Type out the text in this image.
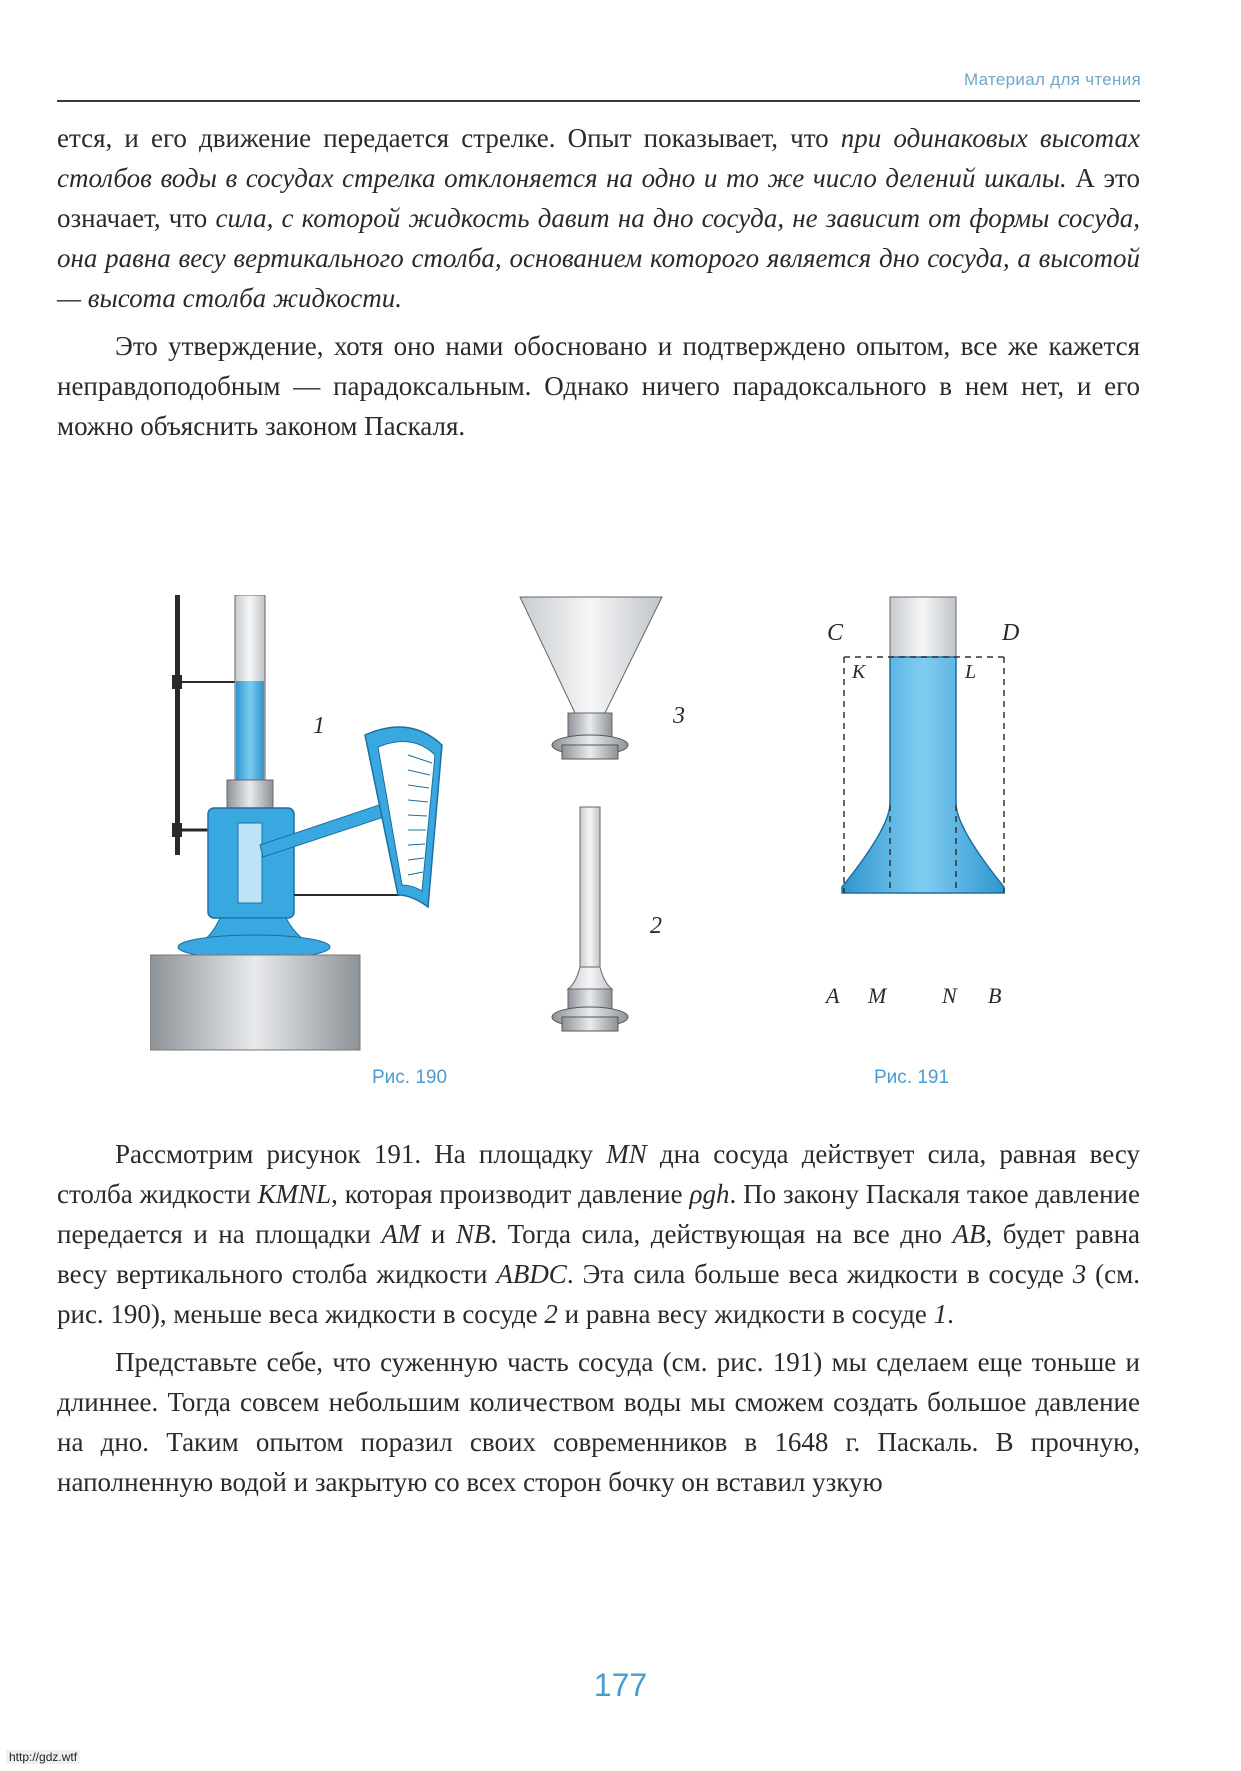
Материал для чтения

ется, и его движение передается стрелке. Опыт показывает, что при одинаковых высотах столбов воды в сосудах стрелка отклоняется на одно и то же число делений шкалы. А это означает, что сила, с которой жидкость давит на дно сосуда, не зависит от формы сосуда, она равна весу вертикального столба, основанием которого является дно сосуда, а высотой — высота столба жидкости.

Это утверждение, хотя оно нами обосновано и подтверждено опытом, все же кажется неправдоподобным — парадоксальным. Однако ничего парадоксального в нем нет, и его можно объяснить законом Паскаля.

1	3
2
Рис. 190
C	D
K	L
A M	N B
Рис. 191

Рассмотрим рисунок 191. На площадку MN дна сосуда действует сила, равная весу столба жидкости KMNL, которая производит давление ρgh. По закону Паскаля такое давление передается и на площадки AM и NB. Тогда сила, действующая на все дно AB, будет равна весу вертикального столба жидкости ABDC. Эта сила больше веса жидкости в сосуде 3 (см. рис. 190), меньше веса жидкости в сосуде 2 и равна весу жидкости в сосуде 1.

Представьте себе, что суженную часть сосуда (см. рис. 191) мы сделаем еще тоньше и длиннее. Тогда совсем небольшим количеством воды мы сможем создать большое давление на дно. Таким опытом поразил своих современников в 1648 г. Паскаль. В прочную, наполненную водой и закрытую со всех сторон бочку он вставил узкую

177
http://gdz.wtf
